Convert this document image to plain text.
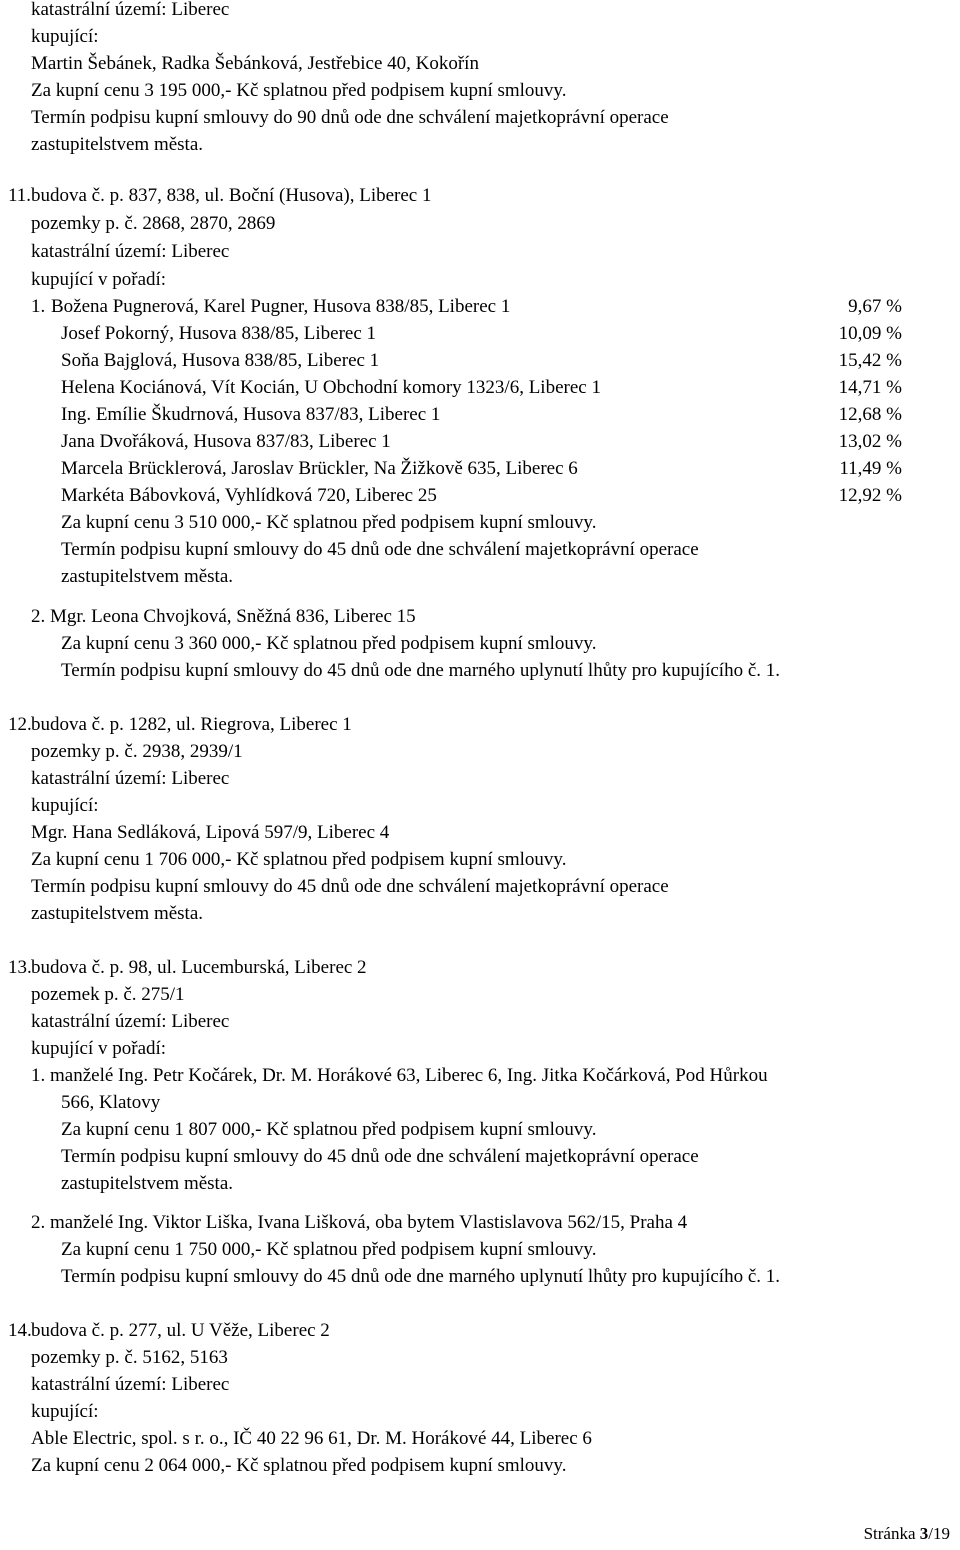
katastrální území: Liberec
kupující:
Martin Šebánek, Radka Šebánková, Jestřebice 40, Kokořín
Za kupní cenu 3 195 000,- Kč splatnou před podpisem kupní smlouvy.
Termín podpisu kupní smlouvy do 90 dnů ode dne schválení majetkoprávní operace
zastupitelstvem města.
11. budova č. p. 837, 838, ul. Boční (Husova), Liberec 1
pozemky p. č. 2868, 2870, 2869
katastrální území: Liberec
kupující v pořadí:
1. Božena Pugnerová, Karel Pugner, Husova 838/85, Liberec 1	9,67 %
Josef Pokorný, Husova 838/85, Liberec 1	10,09 %
Soňa Bajglová, Husova 838/85, Liberec 1	15,42 %
Helena Kociánová, Vít Kocián, U Obchodní komory 1323/6, Liberec 1	14,71 %
Ing. Emílie Škudrnová, Husova 837/83, Liberec 1	12,68 %
Jana Dvořáková, Husova 837/83, Liberec 1	13,02 %
Marcela Brücklerová, Jaroslav Brückler, Na Žižkově 635, Liberec 6	11,49 %
Markéta Bábovková, Vyhlídková 720, Liberec 25	12,92 %
Za kupní cenu 3 510 000,- Kč splatnou před podpisem kupní smlouvy.
Termín podpisu kupní smlouvy do 45 dnů ode dne schválení majetkoprávní operace
zastupitelstvem města.
2. Mgr. Leona Chvojková, Sněžná 836, Liberec 15
Za kupní cenu 3 360 000,- Kč splatnou před podpisem kupní smlouvy.
Termín podpisu kupní smlouvy do 45 dnů ode dne marného uplynutí lhůty pro kupujícího č. 1.
12. budova č. p. 1282, ul. Riegrova, Liberec 1
pozemky p. č. 2938, 2939/1
katastrální území: Liberec
kupující:
Mgr. Hana Sedláková, Lipová 597/9, Liberec 4
Za kupní cenu 1 706 000,- Kč splatnou před podpisem kupní smlouvy.
Termín podpisu kupní smlouvy do 45 dnů ode dne schválení majetkoprávní operace
zastupitelstvem města.
13. budova č. p. 98, ul. Lucemburská, Liberec 2
pozemek p. č. 275/1
katastrální území: Liberec
kupující v pořadí:
1. manželé Ing. Petr Kočárek, Dr. M. Horákové 63, Liberec 6, Ing. Jitka Kočárková, Pod Hůrkou
566, Klatovy
Za kupní cenu 1 807 000,- Kč splatnou před podpisem kupní smlouvy.
Termín podpisu kupní smlouvy do 45 dnů ode dne schválení majetkoprávní operace
zastupitelstvem města.
2. manželé Ing. Viktor Liška, Ivana Lišková, oba bytem Vlastislavova 562/15, Praha 4
Za kupní cenu 1 750 000,- Kč splatnou před podpisem kupní smlouvy.
Termín podpisu kupní smlouvy do 45 dnů ode dne marného uplynutí lhůty pro kupujícího č. 1.
14. budova č. p. 277, ul. U Věže, Liberec 2
pozemky p. č. 5162, 5163
katastrální území: Liberec
kupující:
Able Electric, spol. s r. o., IČ 40 22 96 61, Dr. M. Horákové 44, Liberec 6
Za kupní cenu 2 064 000,- Kč splatnou před podpisem kupní smlouvy.
Stránka 3/19
